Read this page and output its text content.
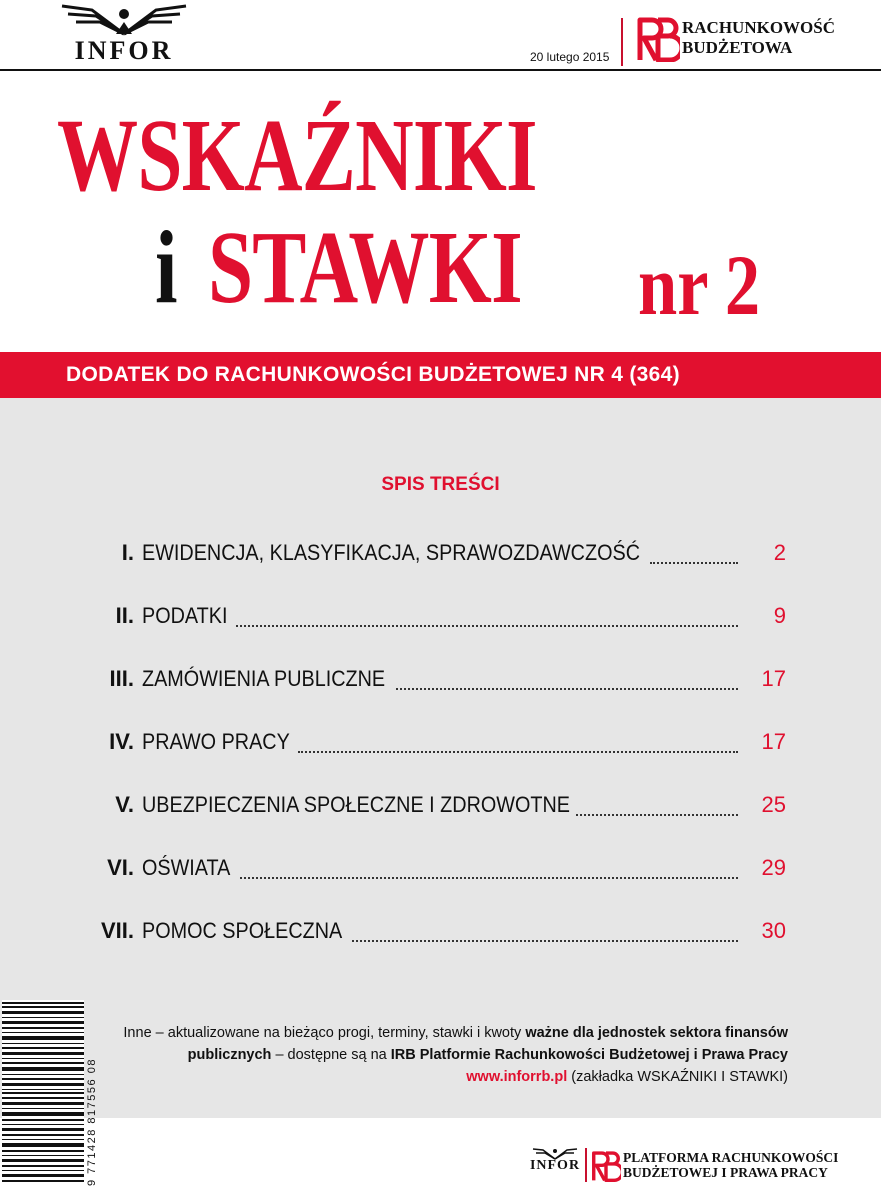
INFOR	20 lutego 2015
RACHUNKOWOŚĆ
BUDŻETOWA
WSKAŹNIKI
i STAWKI nr 2
DODATEK DO RACHUNKOWOŚCI BUDŻETOWEJ NR 4 (364)
SPIS TREŚCI
I. EWIDENCJA, KLASYFIKACJA, SPRAWOZDAWCZOŚĆ	2
II. PODATKI	9
III. ZAMÓWIENIA PUBLICZNE	17
IV. PRAWO PRACY	17
V. UBEZPIECZENIA SPOŁECZNE I ZDROWOTNE	25
VI. OŚWIATA	29
VII. POMOC SPOŁECZNA	30
Inne – aktualizowane na bieżąco progi, terminy, stawki i kwoty ważne dla jednostek sektora finansów publicznych – dostępne są na IRB Platformie Rachunkowości Budżetowej i Prawa Pracy www.inforrb.pl (zakładka WSKAŹNIKI I STAWKI)
9 771428 817556 08	INFOR
PLATFORMA RACHUNKOWOŚCI
BUDŻETOWEJ I PRAWA PRACY
